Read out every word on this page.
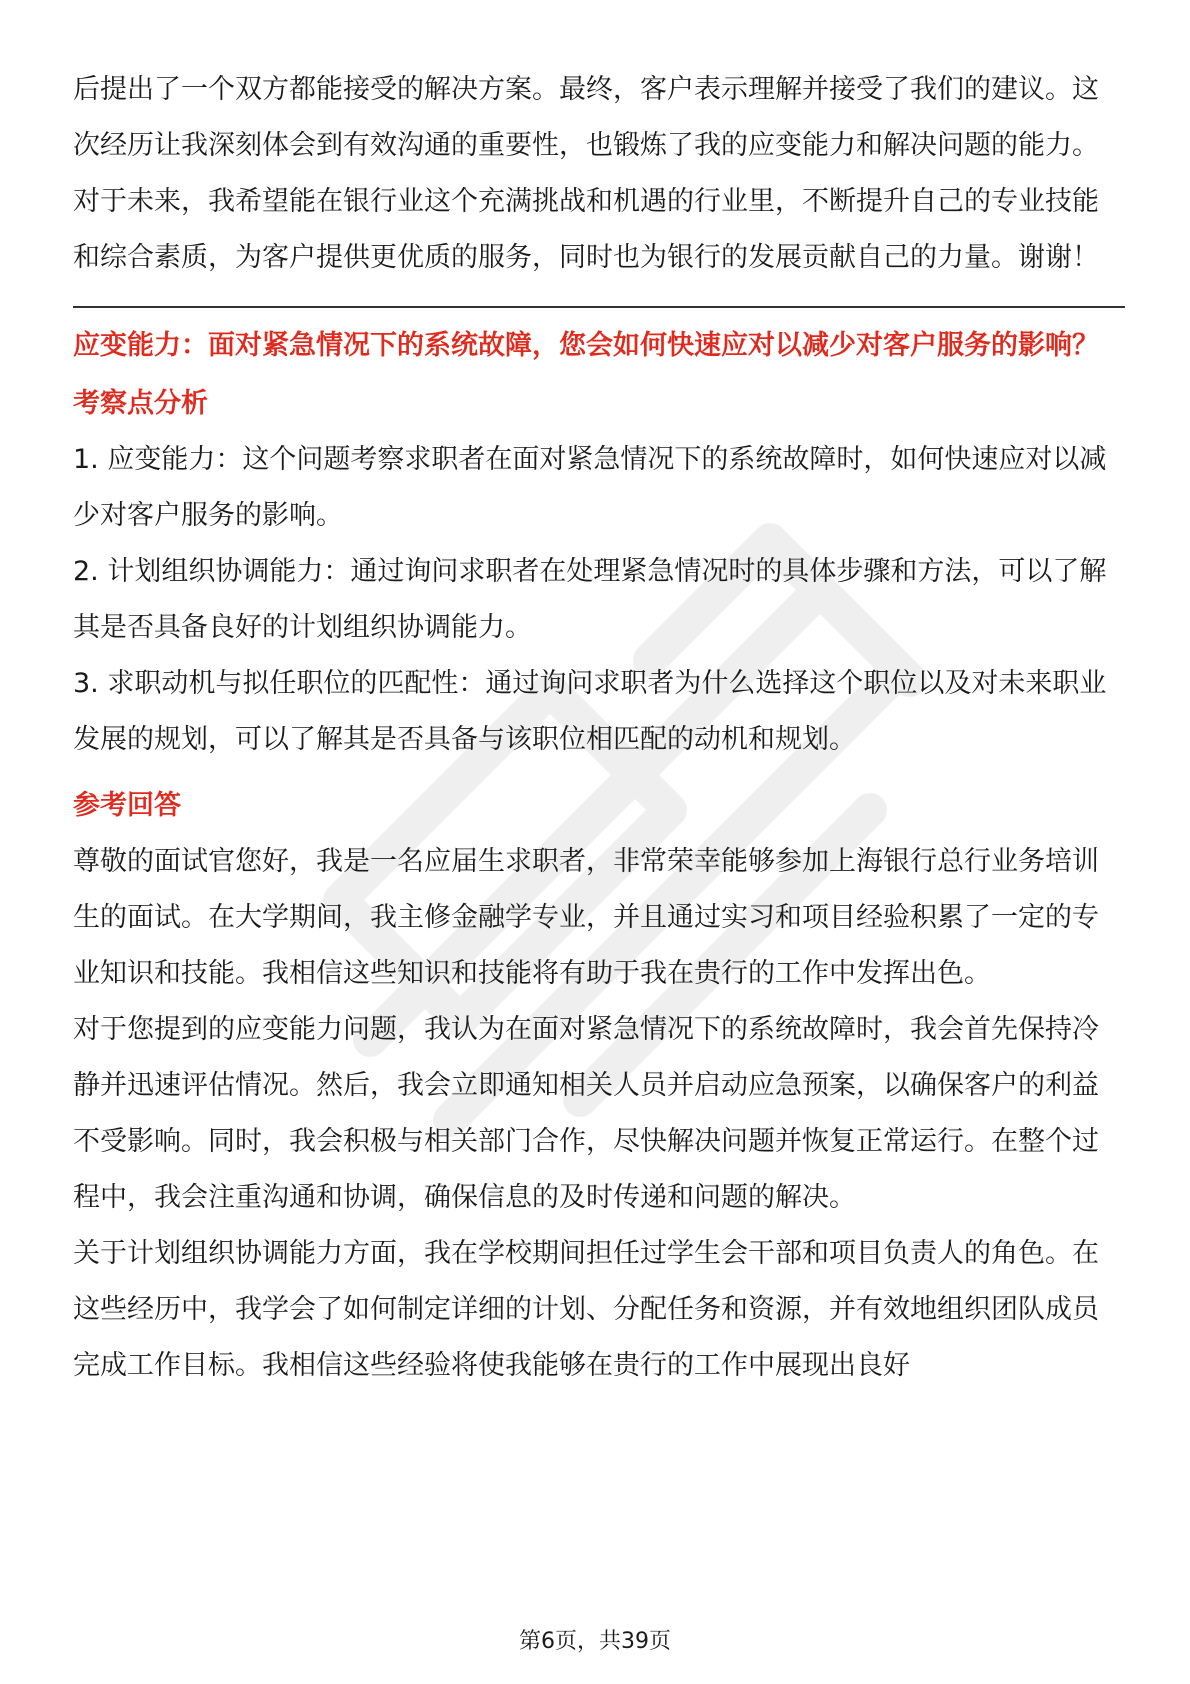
后提出了一个双方都能接受的解决方案。最终，客户表示理解并接受了我们的建议。这次经历让我深刻体会到有效沟通的重要性，也锻炼了我的应变能力和解决问题的能力。

对于未来，我希望能在银行业这个充满挑战和机遇的行业里，不断提升自己的专业技能和综合素质，为客户提供更优质的服务，同时也为银行的发展贡献自己的力量。谢谢！

应变能力：面对紧急情况下的系统故障，您会如何快速应对以减少对客户服务的影响？
考察点分析

1. 应变能力：这个问题考察求职者在面对紧急情况下的系统故障时，如何快速应对以减少对客户服务的影响。

2. 计划组织协调能力：通过询问求职者在处理紧急情况时的具体步骤和方法，可以了解其是否具备良好的计划组织协调能力。

3. 求职动机与拟任职位的匹配性：通过询问求职者为什么选择这个职位以及对未来职业发展的规划，可以了解其是否具备与该职位相匹配的动机和规划。

参考回答

尊敬的面试官您好，我是一名应届生求职者，非常荣幸能够参加上海银行总行业务培训生的面试。在大学期间，我主修金融学专业，并且通过实习和项目经验积累了一定的专业知识和技能。我相信这些知识和技能将有助于我在贵行的工作中发挥出色。

对于您提到的应变能力问题，我认为在面对紧急情况下的系统故障时，我会首先保持冷静并迅速评估情况。然后，我会立即通知相关人员并启动应急预案，以确保客户的利益不受影响。同时，我会积极与相关部门合作，尽快解决问题并恢复正常运行。在整个过程中，我会注重沟通和协调，确保信息的及时传递和问题的解决。

关于计划组织协调能力方面，我在学校期间担任过学生会干部和项目负责人的角色。在这些经历中，我学会了如何制定详细的计划、分配任务和资源，并有效地组织团队成员完成工作目标。我相信这些经验将使我能够在贵行的工作中展现出良好

第6页，共39页
